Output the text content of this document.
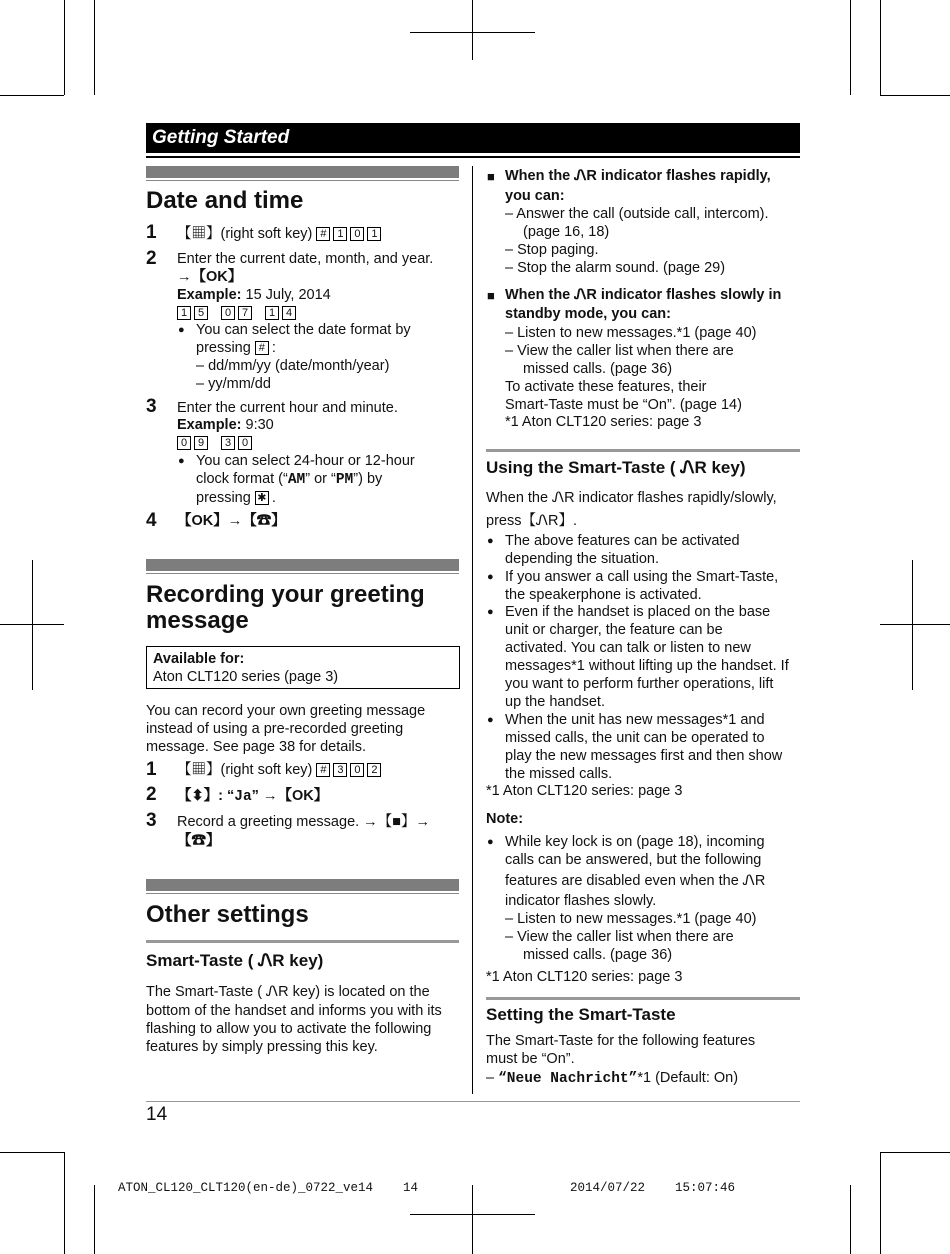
Getting Started
Date and time
1 【▦】(right soft key) # 1 0 1
2 Enter the current date, month, and year.
→【OK】
Example: 15 July, 2014
1 5 0 7 1 4
● You can select the date format by
pressing # :
– dd/mm/yy (date/month/year)
– yy/mm/dd
3 Enter the current hour and minute.
Example: 9:30
0 9 3 0
● You can select 24-hour or 12-hour
clock format (“AM” or “PM”) by
pressing ✱ .
4 【OK】→【☎】
Recording your greeting
message
Available for:
Aton CLT120 series (page 3)
You can record your own greeting message
instead of using a pre-recorded greeting
message. See page 38 for details.
1 【▦】(right soft key) # 3 0 2
2 【⬍】: “Ja” →【OK】
3 Record a greeting message. →【■】→
【☎】
Other settings
Smart-Taste ( ᏁR key)
The Smart-Taste ( ᏁR key) is located on the
bottom of the handset and informs you with its
flashing to allow you to activate the following
features by simply pressing this key.
■ When the ᏁR indicator flashes rapidly,
you can:
– Answer the call (outside call, intercom).
(page 16, 18)
– Stop paging.
– Stop the alarm sound. (page 29)
■ When the ᏁR indicator flashes slowly in
standby mode, you can:
– Listen to new messages.*1 (page 40)
– View the caller list when there are
missed calls. (page 36)
To activate these features, their
Smart-Taste must be “On”. (page 14)
*1 Aton CLT120 series: page 3
Using the Smart-Taste ( ᏁR key)
When the ᏁR indicator flashes rapidly/slowly,
press【ᏁR】.
● The above features can be activated
depending the situation.
● If you answer a call using the Smart-Taste,
the speakerphone is activated.
● Even if the handset is placed on the base
unit or charger, the feature can be
activated. You can talk or listen to new
messages*1 without lifting up the handset. If
you want to perform further operations, lift
up the handset.
● When the unit has new messages*1 and
missed calls, the unit can be operated to
play the new messages first and then show
the missed calls.
*1 Aton CLT120 series: page 3
Note:
● While key lock is on (page 18), incoming
calls can be answered, but the following
features are disabled even when the ᏁR
indicator flashes slowly.
– Listen to new messages.*1 (page 40)
– View the caller list when there are
missed calls. (page 36)
*1 Aton CLT120 series: page 3
Setting the Smart-Taste
The Smart-Taste for the following features
must be “On”.
– “Neue Nachricht”*1 (Default: On)
14
ATON_CL120_CLT120(en-de)_0722_ve14    14	2014/07/22    15:07:46
